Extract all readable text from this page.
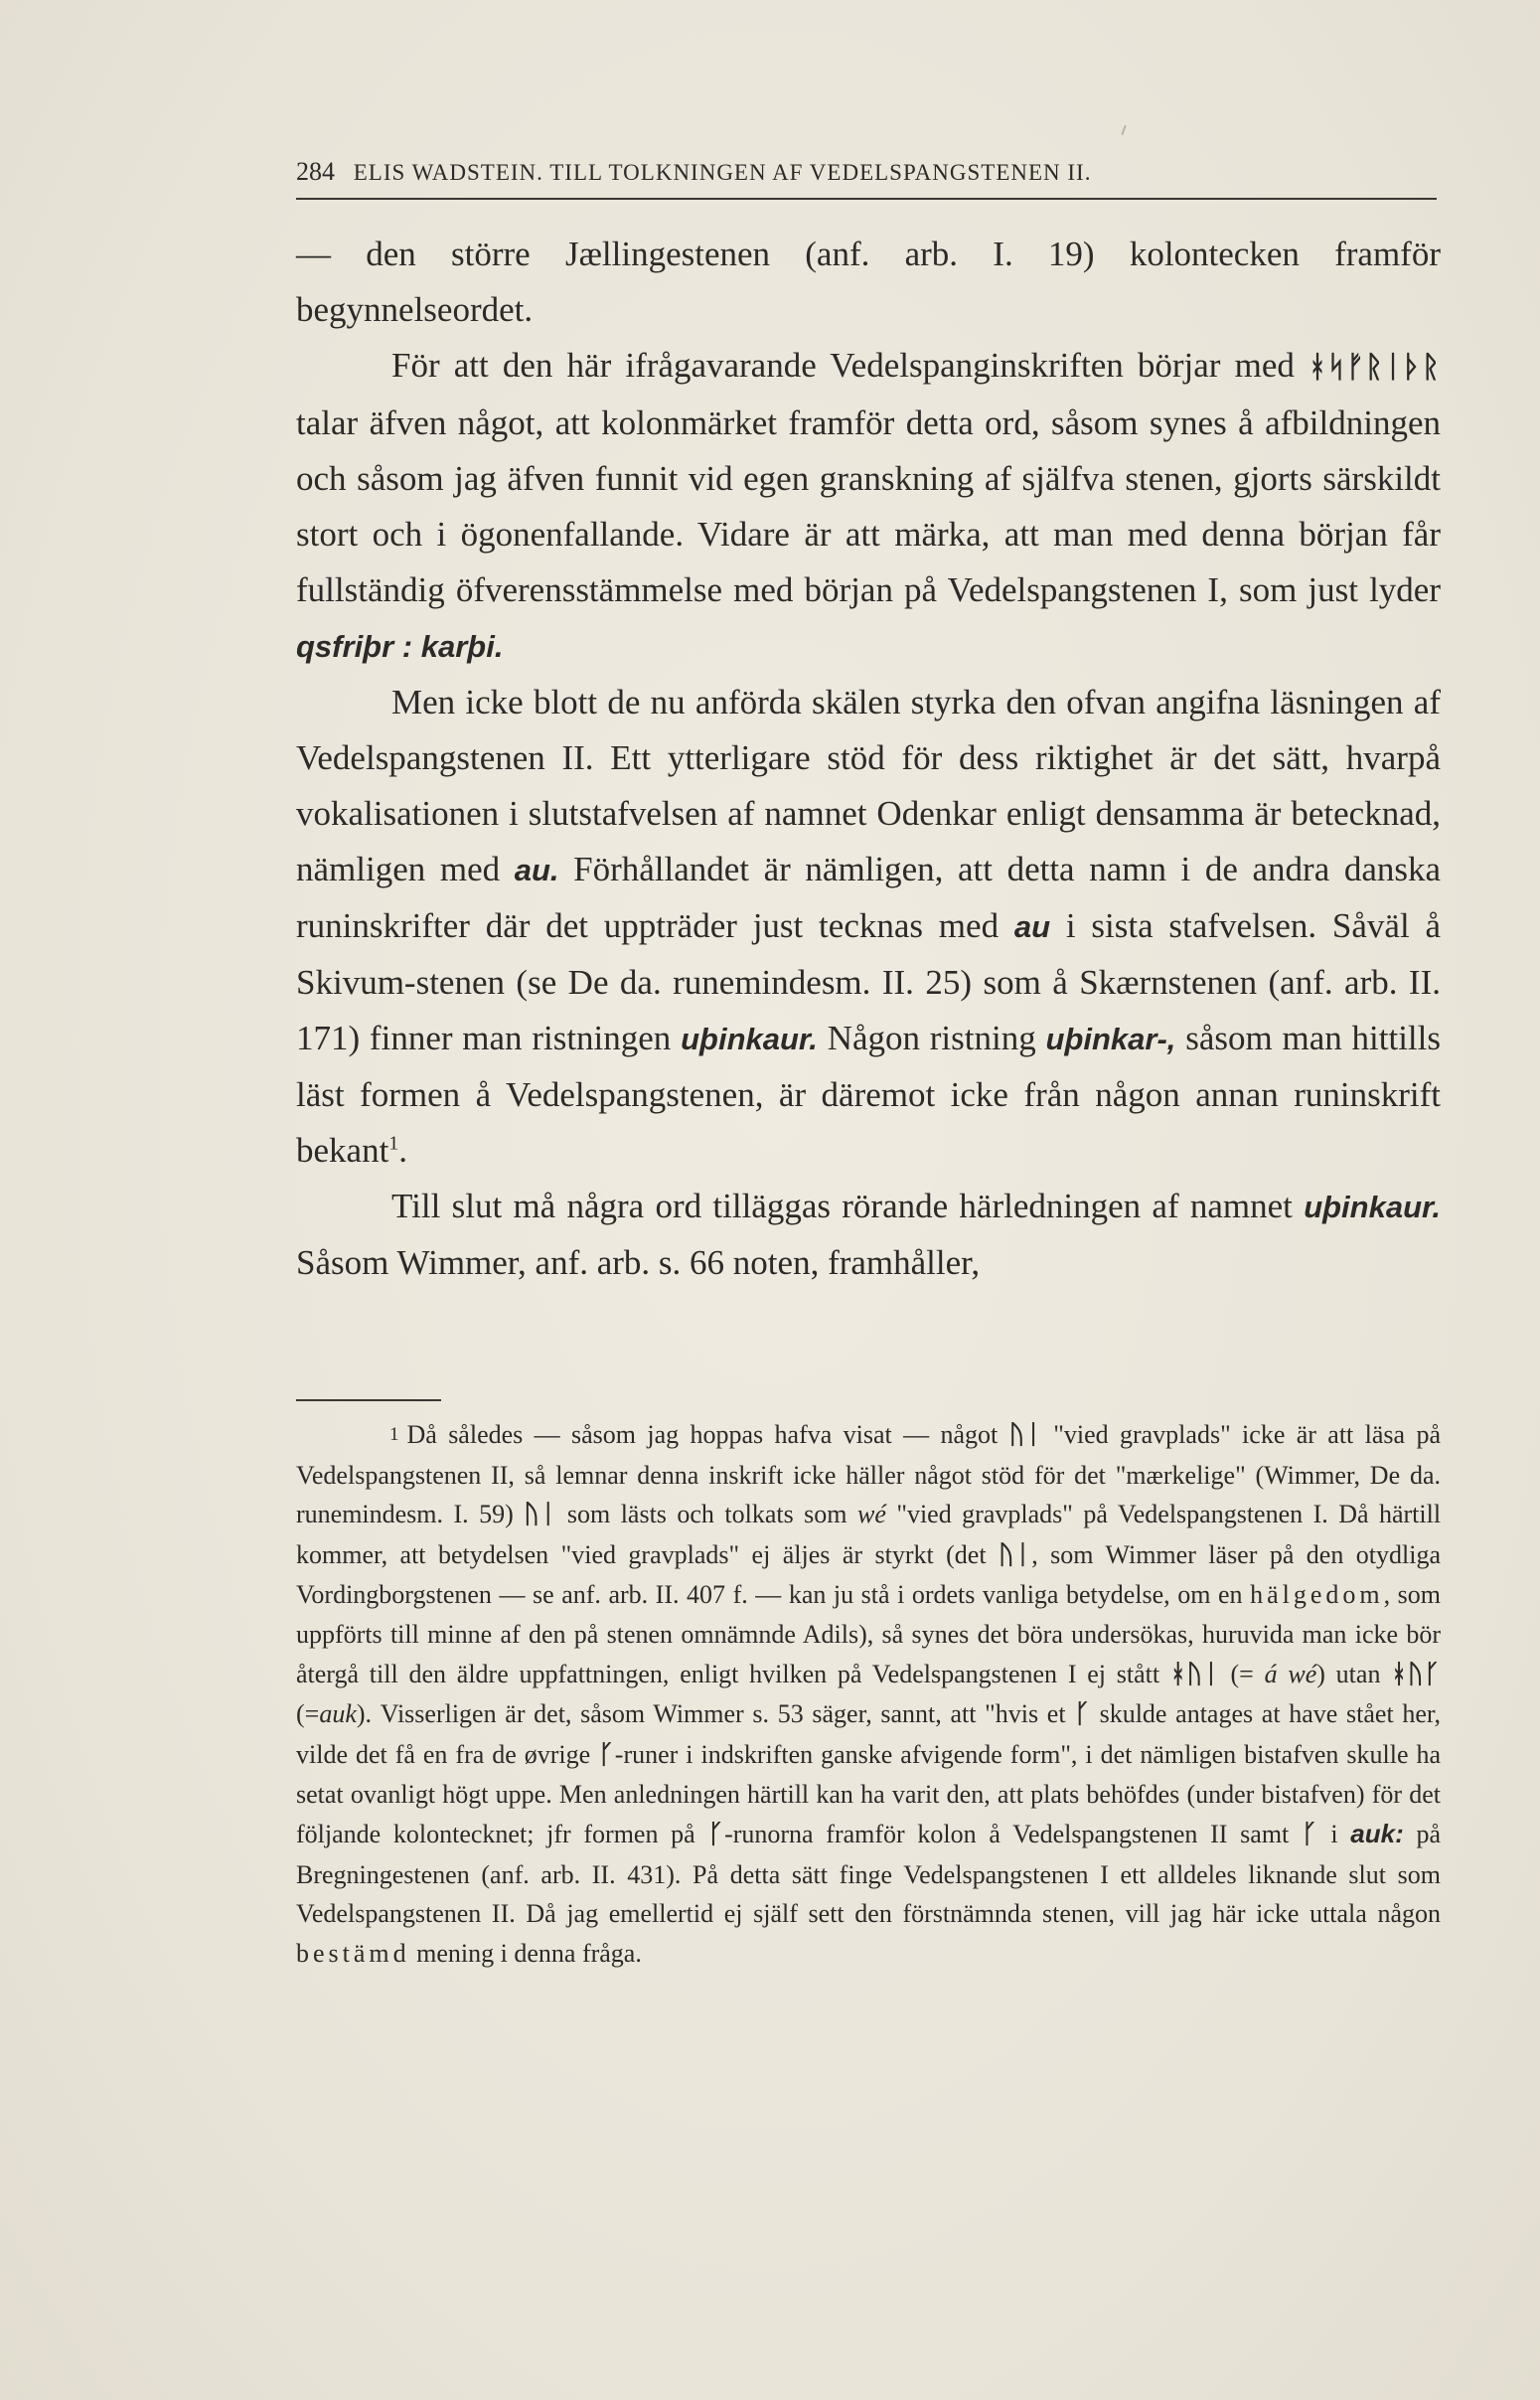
284 ELIS WADSTEIN. TILL TOLKNINGEN AF VEDELSPANGSTENEN II.

— den större Jællingestenen (anf. arb. I. 19) kolontecken framför begynnelseordet.

För att den här ifrågavarande Vedelspanginskriften börjar med ᚼᛋᚠᚱᛁᚦᚱ talar äfven något, att kolonmärket framför detta ord, såsom synes å afbildningen och såsom jag äfven funnit vid egen granskning af själfva stenen, gjorts särskildt stort och i ögonenfallande. Vidare är att märka, att man med denna början får fullständig öfverensstämmelse med början på Vedelspangstenen I, som just lyder qsfriþr : karþi.

Men icke blott de nu anförda skälen styrka den ofvan angifna läsningen af Vedelspangstenen II. Ett ytterligare stöd för dess riktighet är det sätt, hvarpå vokalisationen i slutstafvelsen af namnet Odenkar enligt densamma är betecknad, nämligen med au. Förhållandet är nämligen, att detta namn i de andra danska runinskrifter där det uppträder just tecknas med au i sista stafvelsen. Såväl å Skivum-stenen (se De da. runemindesm. II. 25) som å Skærnstenen (anf. arb. II. 171) finner man ristningen uþinkaur. Någon ristning uþinkar-, såsom man hittills läst formen å Vedelspangstenen, är däremot icke från någon annan runinskrift bekant$^1$.

Till slut må några ord tilläggas rörande härledningen af namnet uþinkaur. Såsom Wimmer, anf. arb. s. 66 noten, framhåller,

$^1$ Då således — såsom jag hoppas hafva visat — något ᚢᛁ "vied gravplads" icke är att läsa på Vedelspangstenen II, så lemnar denna inskrift icke häller något stöd för det "mærkelige" (Wimmer, De da. runemindesm. I. 59) ᚢᛁ som lästs och tolkats som wé "vied gravplads" på Vedelspangstenen I. Då härtill kommer, att betydelsen "vied gravplads" ej äljes är styrkt (det ᚢᛁ, som Wimmer läser på den otydliga Vordingborgstenen — se anf. arb. II. 407 f. — kan ju stå i ordets vanliga betydelse, om en hälgedom, som uppförts till minne af den på stenen omnämnde Adils), så synes det böra undersökas, huruvida man icke bör återgå till den äldre uppfattningen, enligt hvilken på Vedelspangstenen I ej stått ᚼᚢᛁ (= á wé) utan ᚼᚢᚴ (=auk). Visserligen är det, såsom Wimmer s. 53 säger, sannt, att "hvis et ᚴ skulde antages at have stået her, vilde det få en fra de øvrige ᚴ-runer i indskriften ganske afvigende form", i det nämligen bistafven skulle ha setat ovanligt högt uppe. Men anledningen härtill kan ha varit den, att plats behöfdes (under bistafven) för det följande kolontecknet; jfr formen på ᚴ-runorna framför kolon å Vedelspangstenen II samt ᚴ i auk: på Bregningestenen (anf. arb. II. 431). På detta sätt finge Vedelspangstenen I ett alldeles liknande slut som Vedelspangstenen II. Då jag emellertid ej själf sett den förstnämnda stenen, vill jag här icke uttala någon bestämd mening i denna fråga.
